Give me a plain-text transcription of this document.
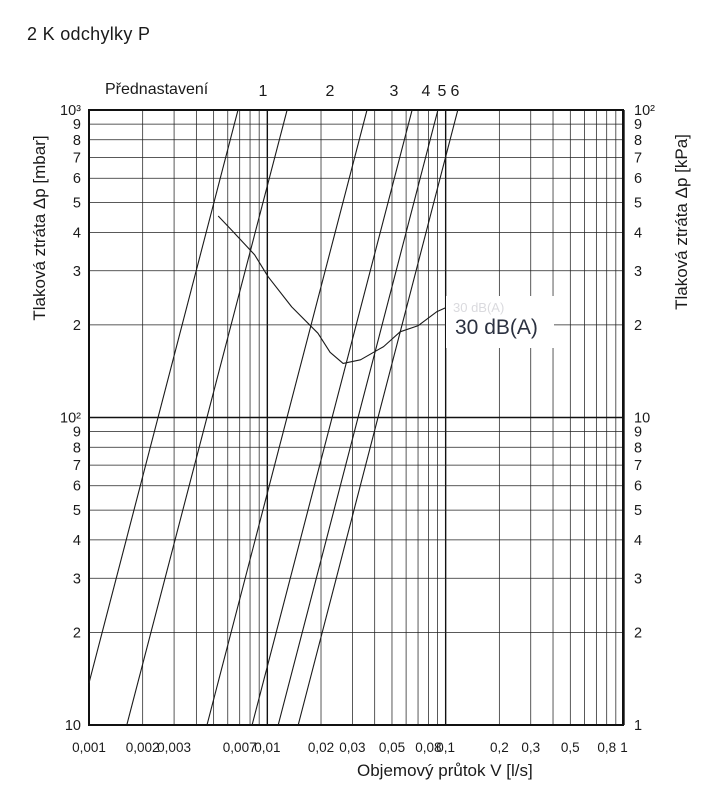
2 K odchylky P
Přednastavení	1	2	3 4 5 6
10³
9
8
7
6
5
4
3
2
10²
9
8
7
6
5
4
3
2
10
10²
9
8
7
6
5
4
3
2
10
9
8
7
6
5
4
3
2
1
0,001 0,002
0,003 0,007
0,01 0,02 0,03 0,05 0,08
0,1	0,2 0,3 0,5 0,8 1
Tlaková ztráta Δp [mbar]	Tlaková ztráta Δp [kPa]
Objemový průtok V [l/s]
30 dB(A)
30 dB(A)
